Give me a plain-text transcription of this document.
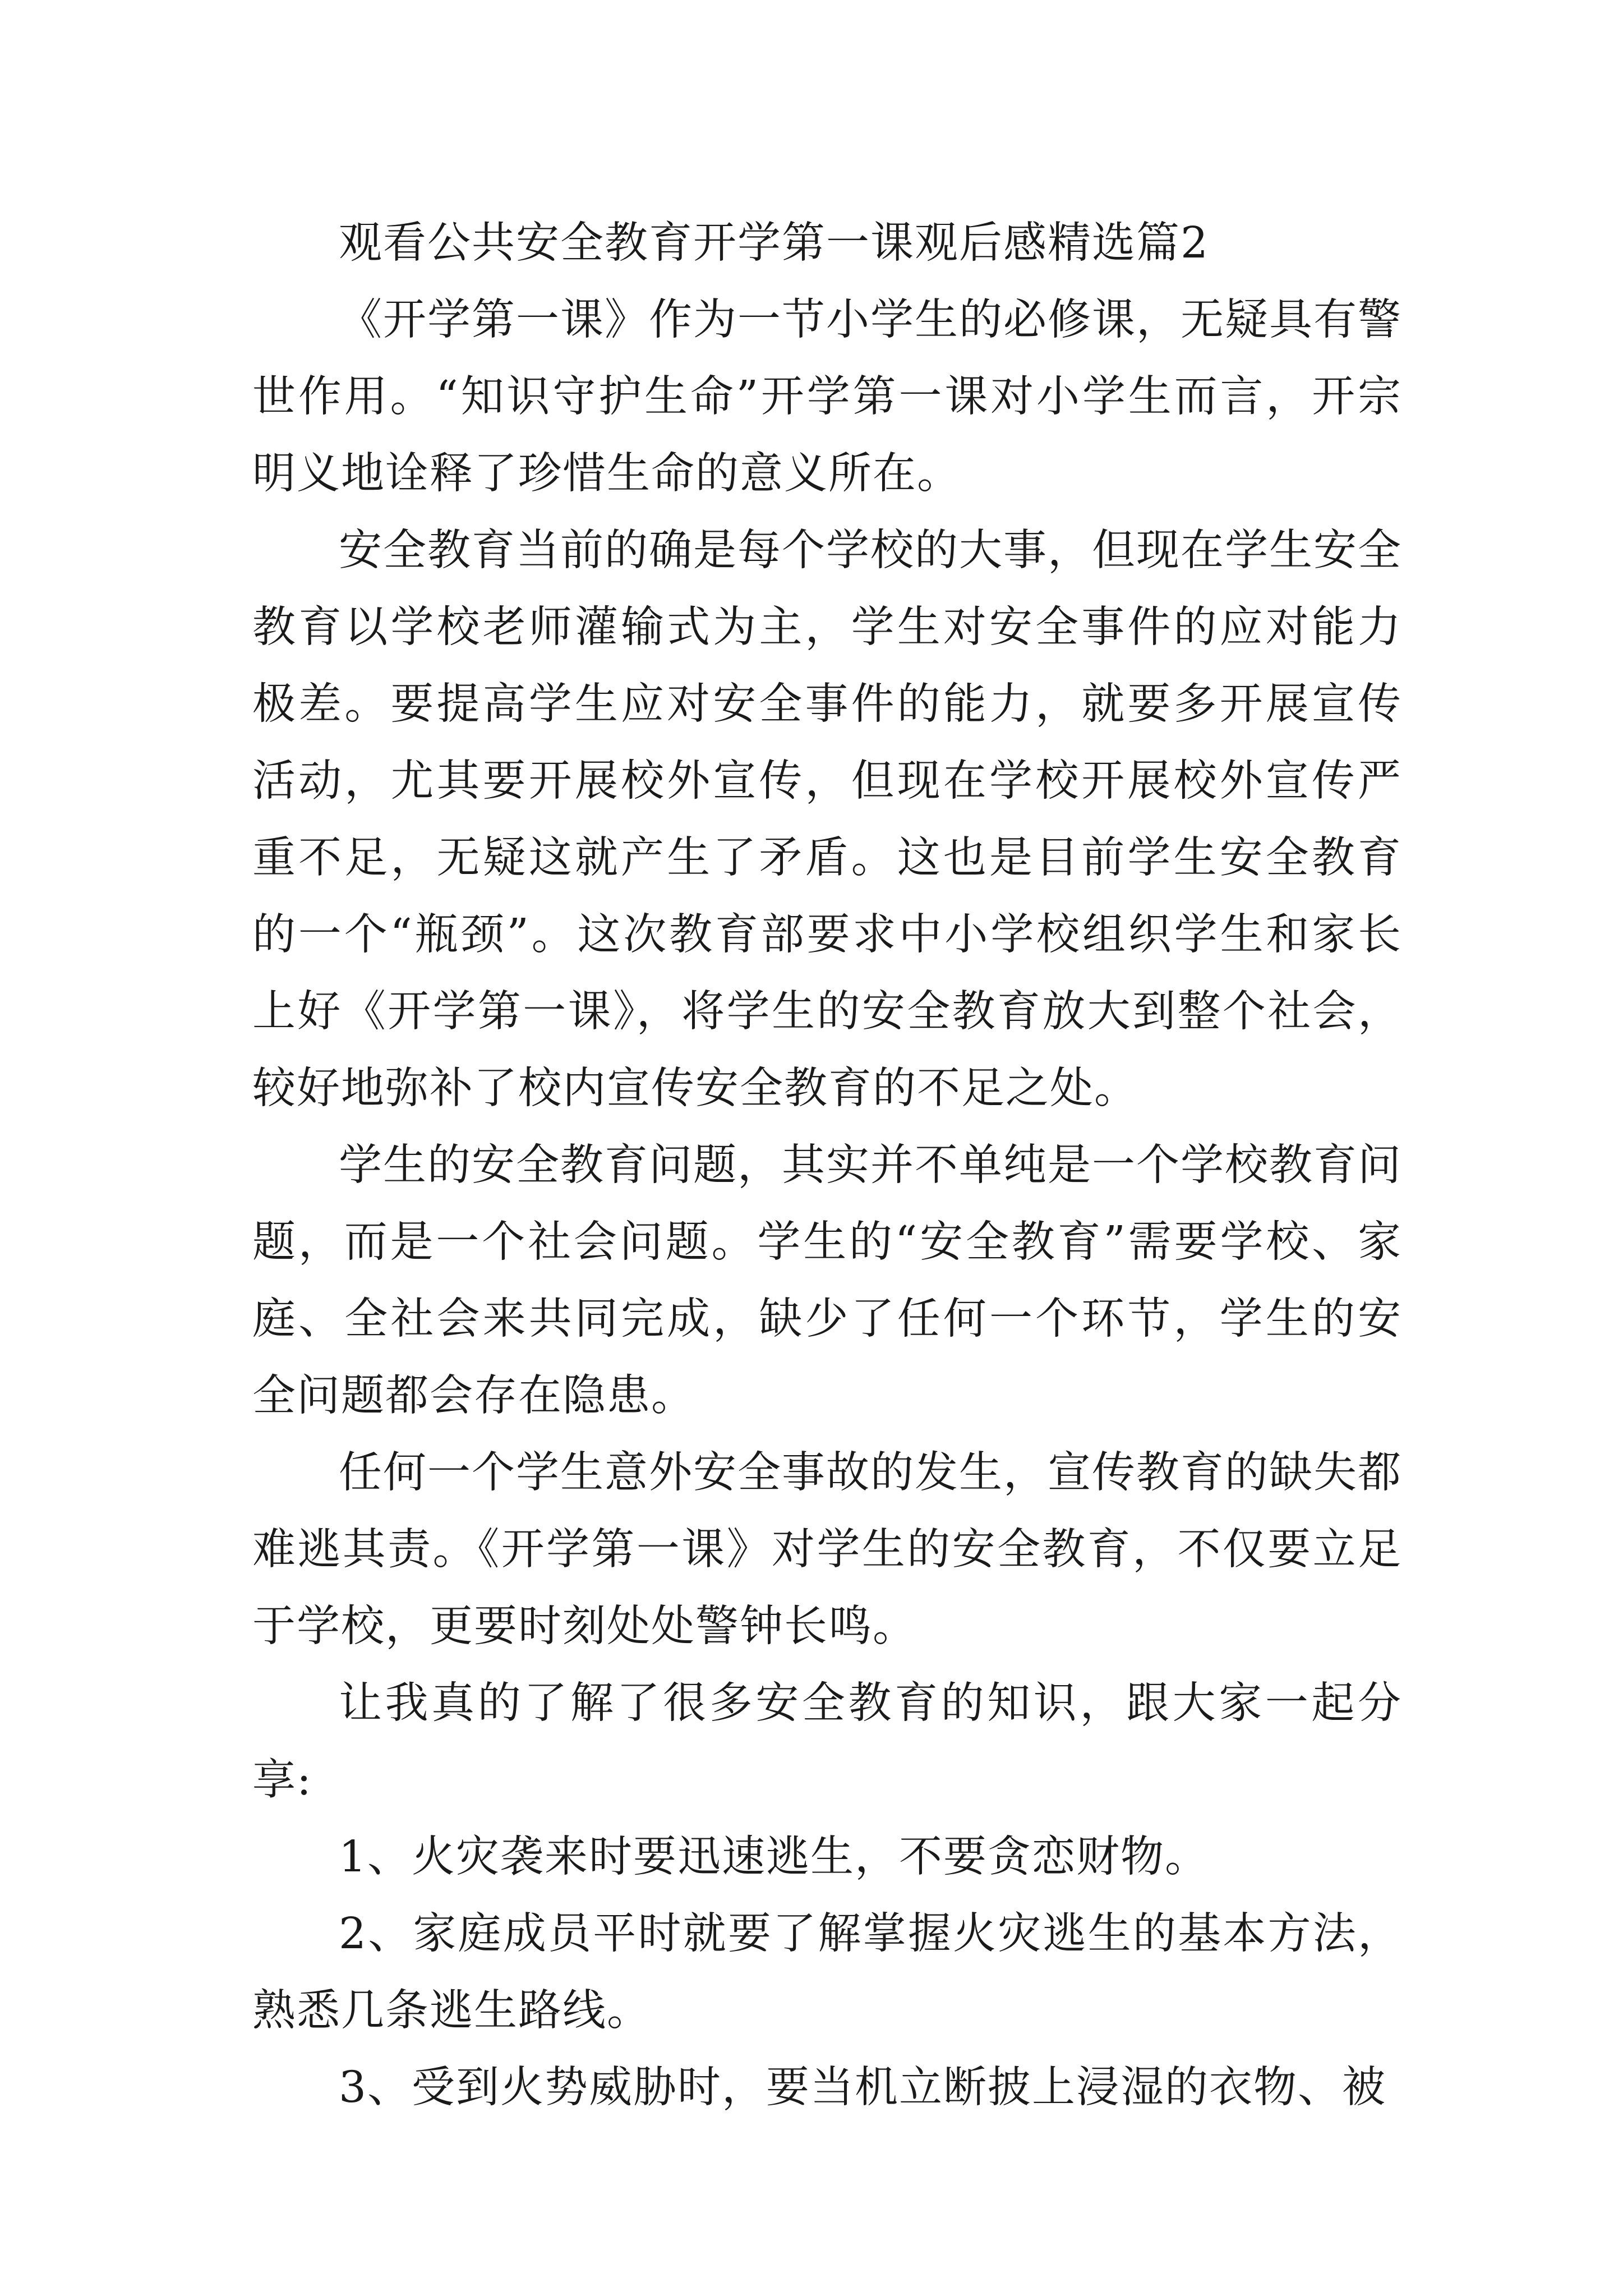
观看公共安全教育开学第一课观后感精选篇2

《开学第一课》作为一节小学生的必修课，无疑具有警世作用。“知识守护生命”开学第一课对小学生而言，开宗明义地诠释了珍惜生命的意义所在。

安全教育当前的确是每个学校的大事，但现在学生安全教育以学校老师灌输式为主，学生对安全事件的应对能力极差。要提高学生应对安全事件的能力，就要多开展宣传活动，尤其要开展校外宣传，但现在学校开展校外宣传严重不足，无疑这就产生了矛盾。这也是目前学生安全教育的一个“瓶颈”。这次教育部要求中小学校组织学生和家长上好《开学第一课》，将学生的安全教育放大到整个社会，较好地弥补了校内宣传安全教育的不足之处。

学生的安全教育问题，其实并不单纯是一个学校教育问题，而是一个社会问题。学生的“安全教育”需要学校、家庭、全社会来共同完成，缺少了任何一个环节，学生的安全问题都会存在隐患。

任何一个学生意外安全事故的发生，宣传教育的缺失都难逃其责。《开学第一课》对学生的安全教育，不仅要立足于学校，更要时刻处处警钟长鸣。

让我真的了解了很多安全教育的知识，跟大家一起分享:

1、火灾袭来时要迅速逃生，不要贪恋财物。

2、家庭成员平时就要了解掌握火灾逃生的基本方法，熟悉几条逃生路线。

3、受到火势威胁时，要当机立断披上浸湿的衣物、被
